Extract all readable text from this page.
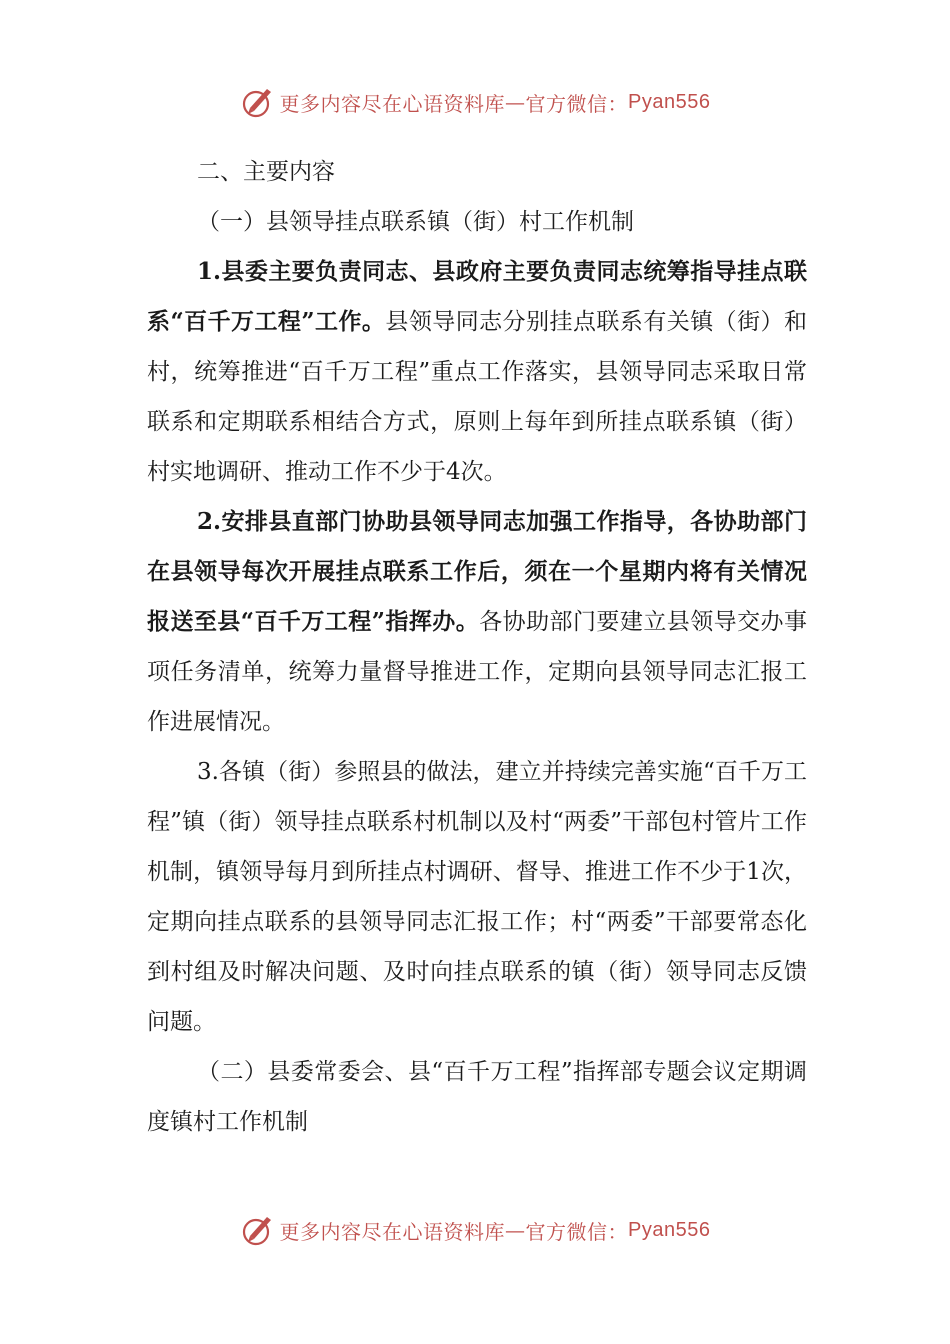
更多内容尽在心语资料库 — 官方微信： Pyan556

二、主要内容

（一）县领导挂点联系镇（街）村工作机制

1.县委主要负责同志、县政府主要负责同志统筹指导挂点联系“百千万工程”工作。县领导同志分别挂点联系有关镇（街）和村，统筹推进“百千万工程”重点工作落实，县领导同志采取日常联系和定期联系相结合方式，原则上每年到所挂点联系镇（街）村实地调研、推动工作不少于4次。

2.安排县直部门协助县领导同志加强工作指导，各协助部门在县领导每次开展挂点联系工作后，须在一个星期内将有关情况报送至县“百千万工程”指挥办。各协助部门要建立县领导交办事项任务清单，统筹力量督导推进工作，定期向县领导同志汇报工作进展情况。

3.各镇（街）参照县的做法，建立并持续完善实施“百千万工程”镇（街）领导挂点联系村机制以及村“两委”干部包村管片工作机制，镇领导每月到所挂点村调研、督导、推进工作不少于1次，定期向挂点联系的县领导同志汇报工作；村“两委”干部要常态化到村组及时解决问题、及时向挂点联系的镇（街）领导同志反馈问题。

（二）县委常委会、县“百千万工程”指挥部专题会议定期调度镇村工作机制

更多内容尽在心语资料库 — 官方微信： Pyan556
